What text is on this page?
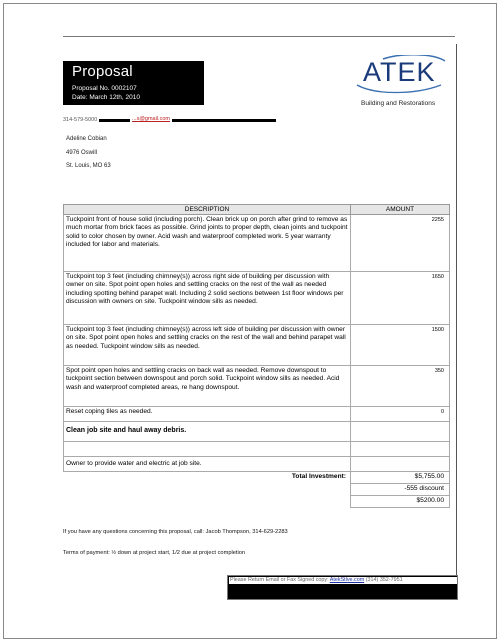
Proposal
Proposal No. 0002107
Date: March 12th, 2010
ATEK
Building and Restorations
314-579-5000	...s@gmail.com
Adeline Cobian
4976 Oswill
St. Louis, MO 63
DESCRIPTION	AMOUNT
Tuckpoint front of house solid (including porch). Clean brick up on porch after grind to remove as much mortar from brick faces as possible. Grind joints to proper depth, clean joints and tuckpoint solid to color chosen by owner. Acid wash and waterproof completed work. 5 year warranty included for labor and materials.	2255
Tuckpoint top 3 feet (including chimney(s)) across right side of building per discussion with owner on site. Spot point open holes and settling cracks on the rest of the wall as needed including spotting behind parapet wall. Including 2 solid sections between 1st floor windows per discussion with owners on site. Tuckpoint window sills as needed.	1650
Tuckpoint top 3 feet (including chimney(s)) across left side of building per discussion with owner on site. Spot point open holes and settling cracks on the rest of the wall and behind parapet wall as needed. Tuckpoint window sills as needed.	1500
Spot point open holes and settling cracks on back wall as needed. Remove downspout to tuckpoint section between downspout and porch solid. Tuckpoint window sills as needed. Acid wash and waterproof completed areas, re hang downspout.	350
Reset coping tiles as needed.	0
Clean job site and haul away debris.	

Owner to provide water and electric at job site.	
Total Investment:	$5,755.00
	-555 discount
	$5200.00
If you have any questions concerning this proposal, call: Jacob Thompson, 314-629-2283
Terms of payment: ½ down at project start, 1/2 due at project completion
Please Return Email or Fax Signed copy: AtekStlve.com (314) 352-7951
